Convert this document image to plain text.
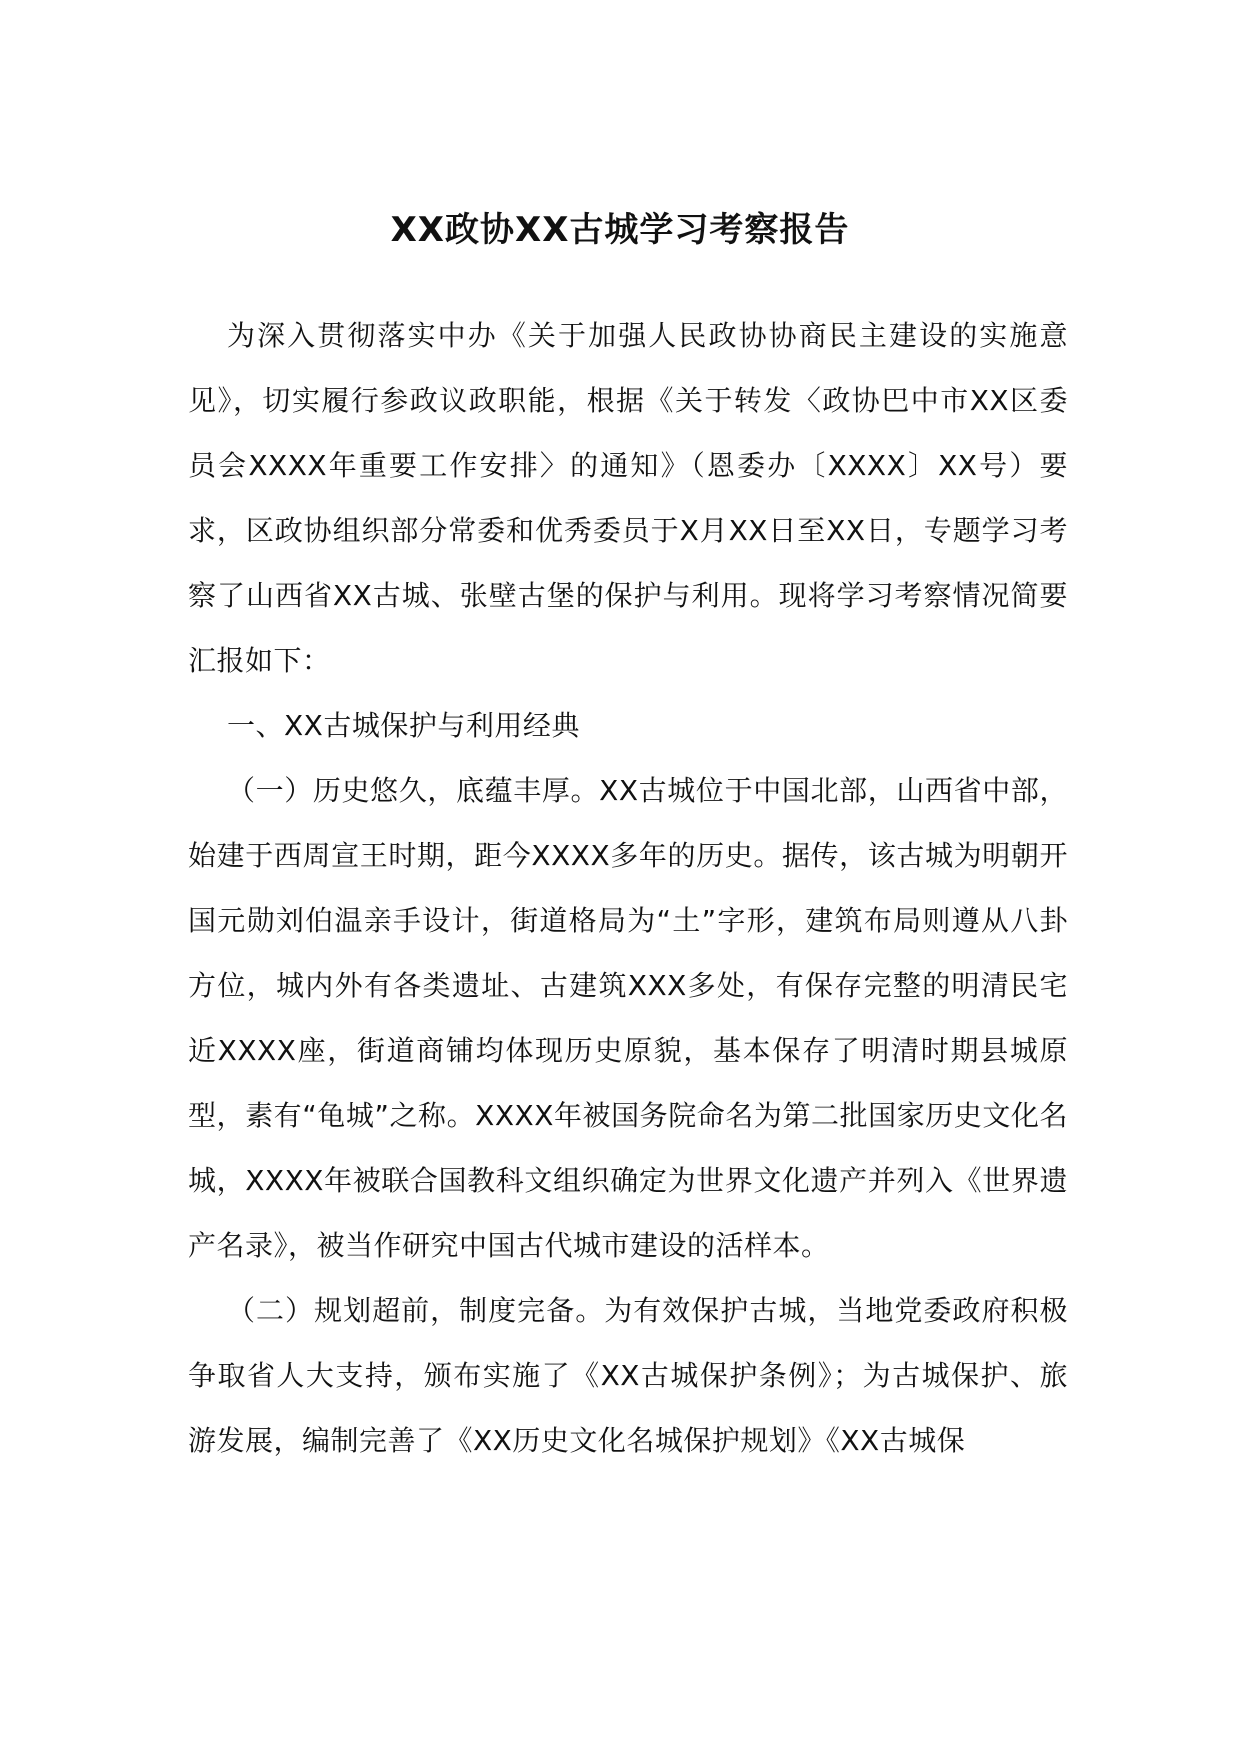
XX政协XX古城学习考察报告

为深入贯彻落实中办《关于加强人民政协协商民主建设的实施意见》，切实履行参政议政职能，根据《关于转发〈政协巴中市XX区委员会XXXX年重要工作安排〉的通知》（恩委办〔XXXX〕XX号）要求，区政协组织部分常委和优秀委员于X月XX日至XX日，专题学习考察了山西省XX古城、张壁古堡的保护与利用。现将学习考察情况简要汇报如下：

一、XX古城保护与利用经典

（一）历史悠久，底蕴丰厚。XX古城位于中国北部，山西省中部，始建于西周宣王时期，距今XXXX多年的历史。据传，该古城为明朝开国元勋刘伯温亲手设计，街道格局为“土”字形，建筑布局则遵从八卦方位，城内外有各类遗址、古建筑XXX多处，有保存完整的明清民宅近XXXX座，街道商铺均体现历史原貌，基本保存了明清时期县城原型，素有“龟城”之称。XXXX年被国务院命名为第二批国家历史文化名城，XXXX年被联合国教科文组织确定为世界文化遗产并列入《世界遗产名录》，被当作研究中国古代城市建设的活样本。

（二）规划超前，制度完备。为有效保护古城，当地党委政府积极争取省人大支持，颁布实施了《XX古城保护条例》；为古城保护、旅游发展，编制完善了《XX历史文化名城保护规划》《XX古城保
